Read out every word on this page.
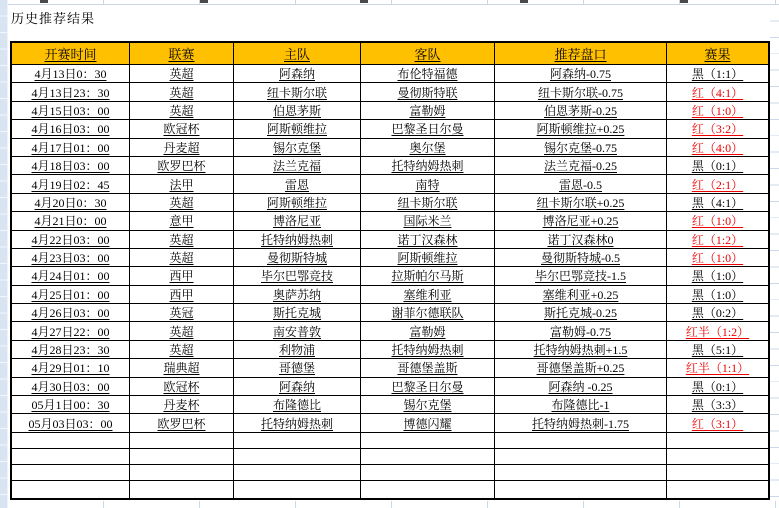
历史推荐结果
开赛时间	联赛	主队	客队	推荐盘口	赛果
4月13日0：30	英超	阿森纳	布伦特福德	阿森纳-0.75	黑（1:1）
4月13日23：30	英超	纽卡斯尔联	曼彻斯特联	纽卡斯尔联-0.75	红（4:1）
4月15日03：00	英超	伯恩茅斯	富勒姆	伯恩茅斯-0.25	红（1:0）
4月16日03：00	欧冠杯	阿斯顿维拉	巴黎圣日尔曼	阿斯顿维拉+0.25	红（3:2）
4月17日01：00	丹麦超	锡尔克堡	奥尔堡	锡尔克堡-0.75	红（4:0）
4月18日03：00	欧罗巴杯	法兰克福	托特纳姆热刺	法兰克福-0.25	黑（0:1）
4月19日02：45	法甲	雷恩	南特	雷恩-0.5	红（2:1）
4月20日0：30	英超	阿斯顿维拉	纽卡斯尔联	纽卡斯尔联+0.25	黑（4:1）
4月21日0：00	意甲	博洛尼亚	国际米兰	博洛尼亚+0.25	红（1:0）
4月22日03：00	英超	托特纳姆热刺	诺丁汉森林	诺丁汉森林0	红（1:2）
4月23日03：00	英超	曼彻斯特城	阿斯顿维拉	曼彻斯特城-0.5	红（1:0）
4月24日01：00	西甲	毕尔巴鄂竞技	拉斯帕尔马斯	毕尔巴鄂竞技-1.5	黑（1:0）
4月25日01：00	西甲	奥萨苏纳	塞维利亚	塞维利亚+0.25	黑（1:0）
4月26日03：00	英冠	斯托克城	谢菲尔德联队	斯托克城-0.25	黑（0:2）
4月27日22：00	英超	南安普敦	富勒姆	富勒姆-0.75	红半（1:2）
4月28日23：30	英超	利物浦	托特纳姆热刺	托特纳姆热刺+1.5	黑（5:1）
4月29日01：10	瑞典超	哥德堡	哥德堡盖斯	哥德堡盖斯+0.25	红半（1:1）
4月30日03：00	欧冠杯	阿森纳	巴黎圣日尔曼	阿森纳 -0.25	黑（0:1）
05月1日00：30	丹麦杯	布隆德比	锡尔克堡	布隆德比-1	黑（3:3）
05月03日03：00	欧罗巴杯	托特纳姆热刺	博德闪耀	托特纳姆热刺-1.75	红（3:1）
